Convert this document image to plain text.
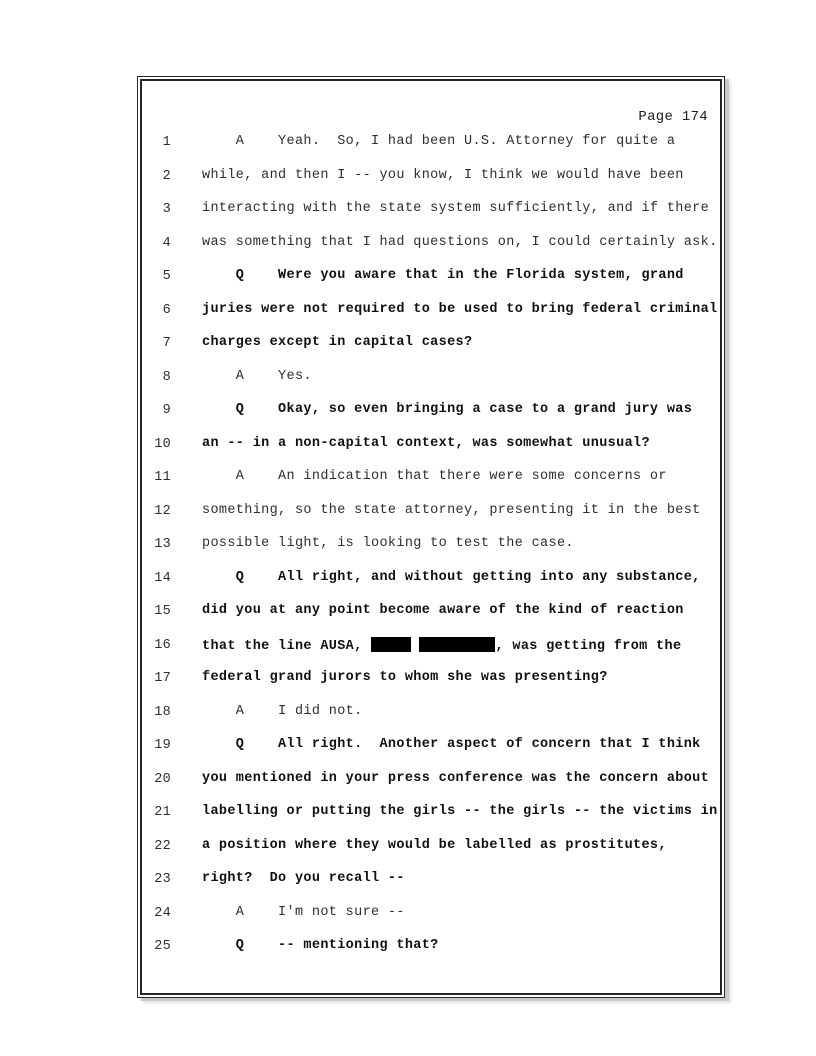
Page 174
1 A    Yeah.  So, I had been U.S. Attorney for quite a
2 while, and then I -- you know, I think we would have been
3 interacting with the state system sufficiently, and if there
4 was something that I had questions on, I could certainly ask.
5 Q    Were you aware that in the Florida system, grand
6 juries were not required to be used to bring federal criminal
7 charges except in capital cases?
8 A    Yes.
9 Q    Okay, so even bringing a case to a grand jury was
10 an -- in a non-capital context, was somewhat unusual?
11 A    An indication that there were some concerns or
12 something, so the state attorney, presenting it in the best
13 possible light, is looking to test the case.
14 Q    All right, and without getting into any substance,
15 did you at any point become aware of the kind of reaction
16 that the line AUSA,	, was getting from the
17 federal grand jurors to whom she was presenting?
18 A    I did not.
19 Q    All right.  Another aspect of concern that I think
20 you mentioned in your press conference was the concern about
21 labelling or putting the girls -- the girls -- the victims in
22 a position where they would be labelled as prostitutes,
23 right?  Do you recall --
24 A    I'm not sure --
25 Q    -- mentioning that?
